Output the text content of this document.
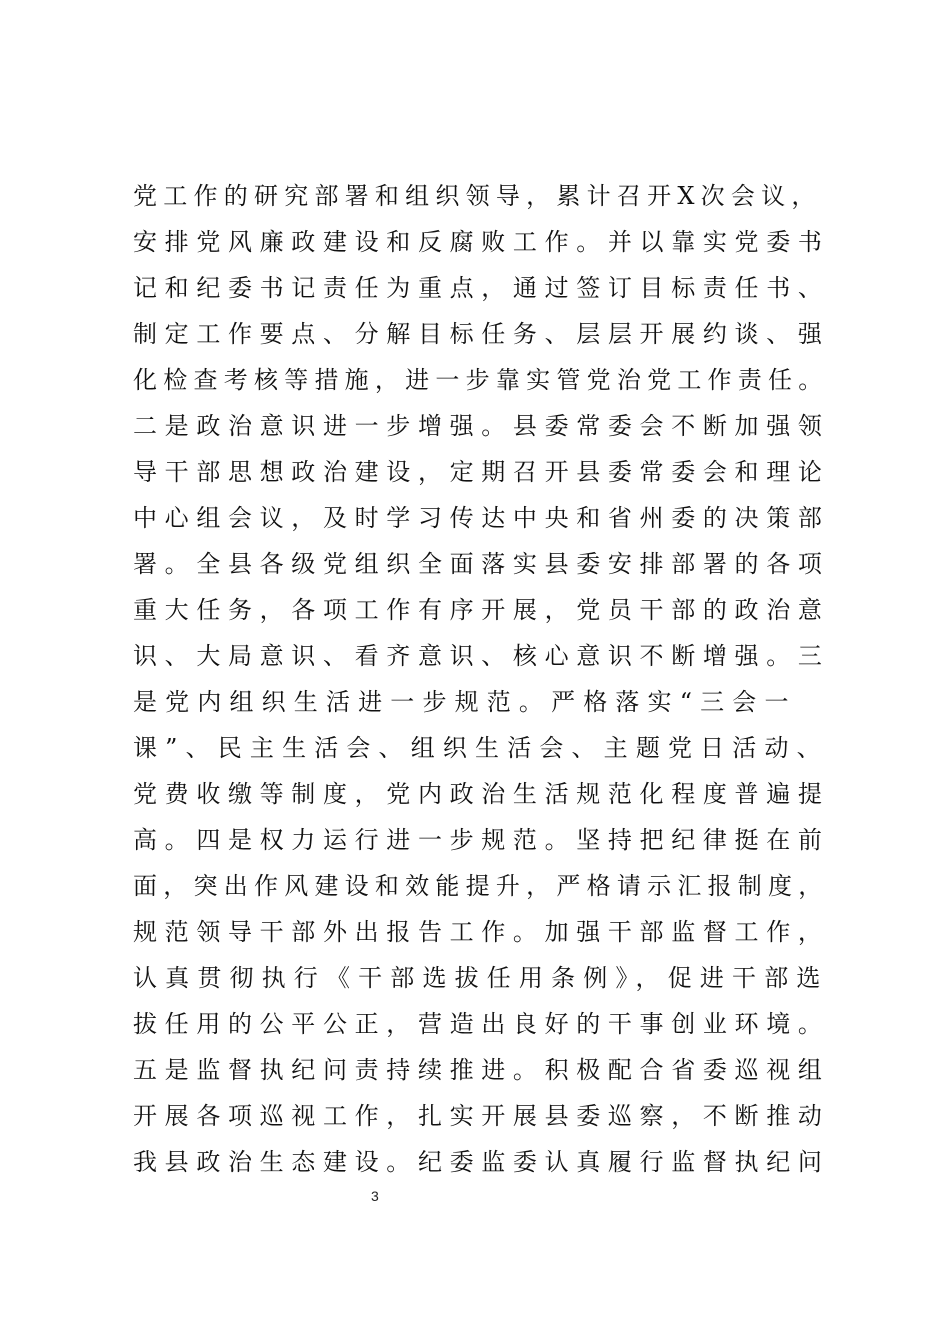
党工作的研究部署和组织领导，累计召开X次会议，
安排党风廉政建设和反腐败工作。并以靠实党委书
记和纪委书记责任为重点，通过签订目标责任书、
制定工作要点、分解目标任务、层层开展约谈、强
化检查考核等措施，进一步靠实管党治党工作责任。
二是政治意识进一步增强。县委常委会不断加强领
导干部思想政治建设，定期召开县委常委会和理论
中心组会议，及时学习传达中央和省州委的决策部
署。全县各级党组织全面落实县委安排部署的各项
重大任务，各项工作有序开展，党员干部的政治意
识、大局意识、看齐意识、核心意识不断增强。三
是党内组织生活进一步规范。严格落实“三会一
课”、民主生活会、组织生活会、主题党日活动、
党费收缴等制度，党内政治生活规范化程度普遍提
高。四是权力运行进一步规范。坚持把纪律挺在前
面，突出作风建设和效能提升，严格请示汇报制度，
规范领导干部外出报告工作。加强干部监督工作，
认真贯彻执行《干部选拔任用条例》，促进干部选
拔任用的公平公正，营造出良好的干事创业环境。
五是监督执纪问责持续推进。积极配合省委巡视组
开展各项巡视工作，扎实开展县委巡察，不断推动
我县政治生态建设。纪委监委认真履行监督执纪问
3
